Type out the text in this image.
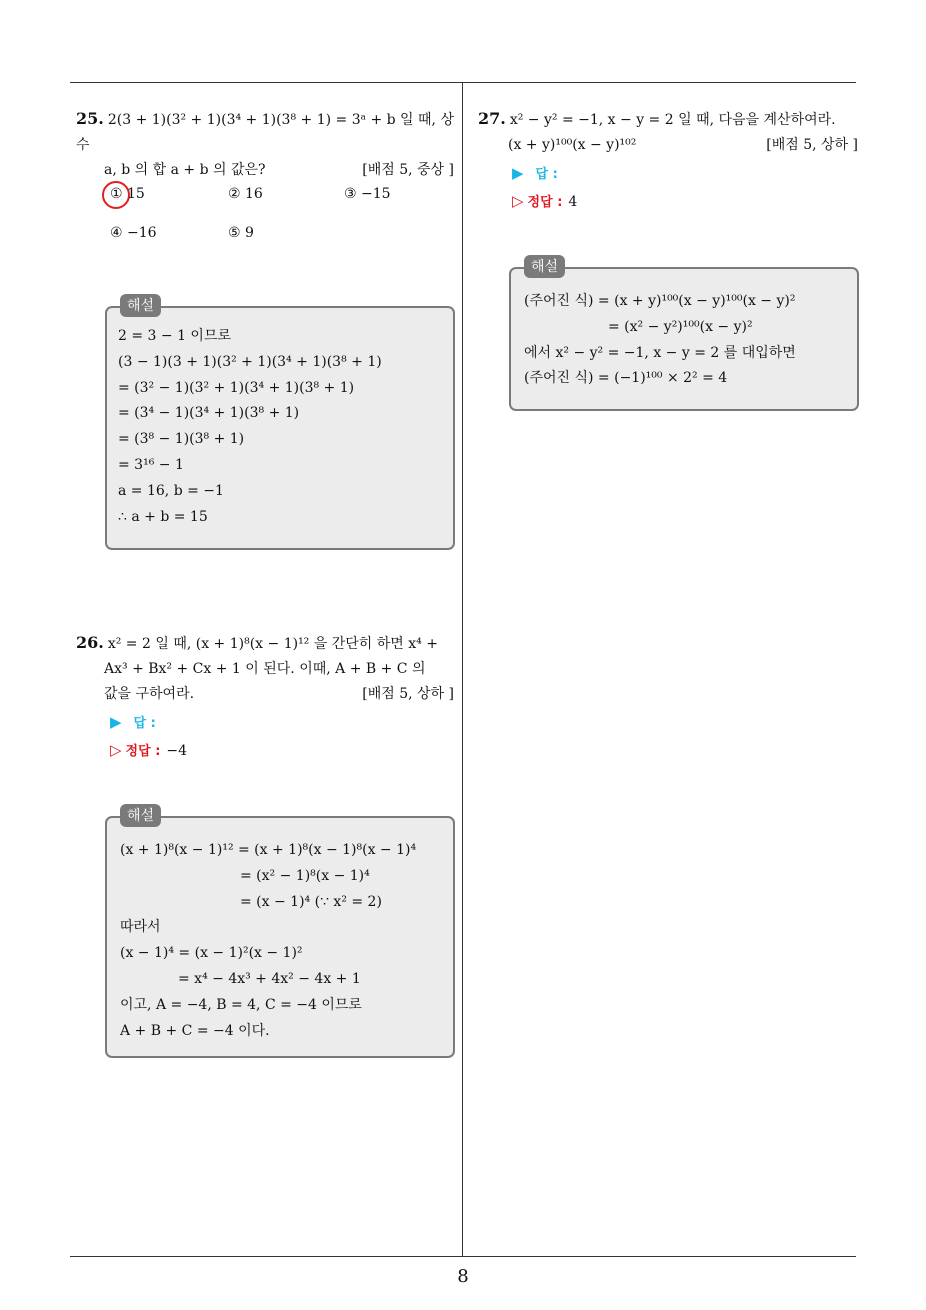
25. 2(3 + 1)(3² + 1)(3⁴ + 1)(3⁸ + 1) = 3ᵃ + b 일 때, 상수
a, b 의 합 a + b 의 값은?	[배점 5, 중상 ]
① 15	② 16	③ −15
④ −16	⑤ 9
해설
2 = 3 − 1 이므로
(3 − 1)(3 + 1)(3² + 1)(3⁴ + 1)(3⁸ + 1)
= (3² − 1)(3² + 1)(3⁴ + 1)(3⁸ + 1)
= (3⁴ − 1)(3⁴ + 1)(3⁸ + 1)
= (3⁸ − 1)(3⁸ + 1)
= 3¹⁶ − 1
a = 16, b = −1
∴ a + b = 15
26. x² = 2 일 때, (x + 1)⁸(x − 1)¹² 을 간단히 하면 x⁴ +
Ax³ + Bx² + Cx + 1 이 된다. 이때, A + B + C 의
값을 구하여라.	[배점 5, 상하 ]
▶ 답 :
▷ 정답 : −4
해설
(x + 1)⁸(x − 1)¹² = (x + 1)⁸(x − 1)⁸(x − 1)⁴
= (x² − 1)⁸(x − 1)⁴
= (x − 1)⁴ (∵ x² = 2)
따라서
(x − 1)⁴ = (x − 1)²(x − 1)²
= x⁴ − 4x³ + 4x² − 4x + 1
이고, A = −4, B = 4, C = −4 이므로
A + B + C = −4 이다.
27. x² − y² = −1, x − y = 2 일 때, 다음을 계산하여라.
(x + y)¹⁰⁰(x − y)¹⁰²	[배점 5, 상하 ]
▶ 답 :
▷ 정답 : 4
해설
(주어진 식) = (x + y)¹⁰⁰(x − y)¹⁰⁰(x − y)²
= (x² − y²)¹⁰⁰(x − y)²
에서 x² − y² = −1, x − y = 2 를 대입하면
(주어진 식) = (−1)¹⁰⁰ × 2² = 4
8
